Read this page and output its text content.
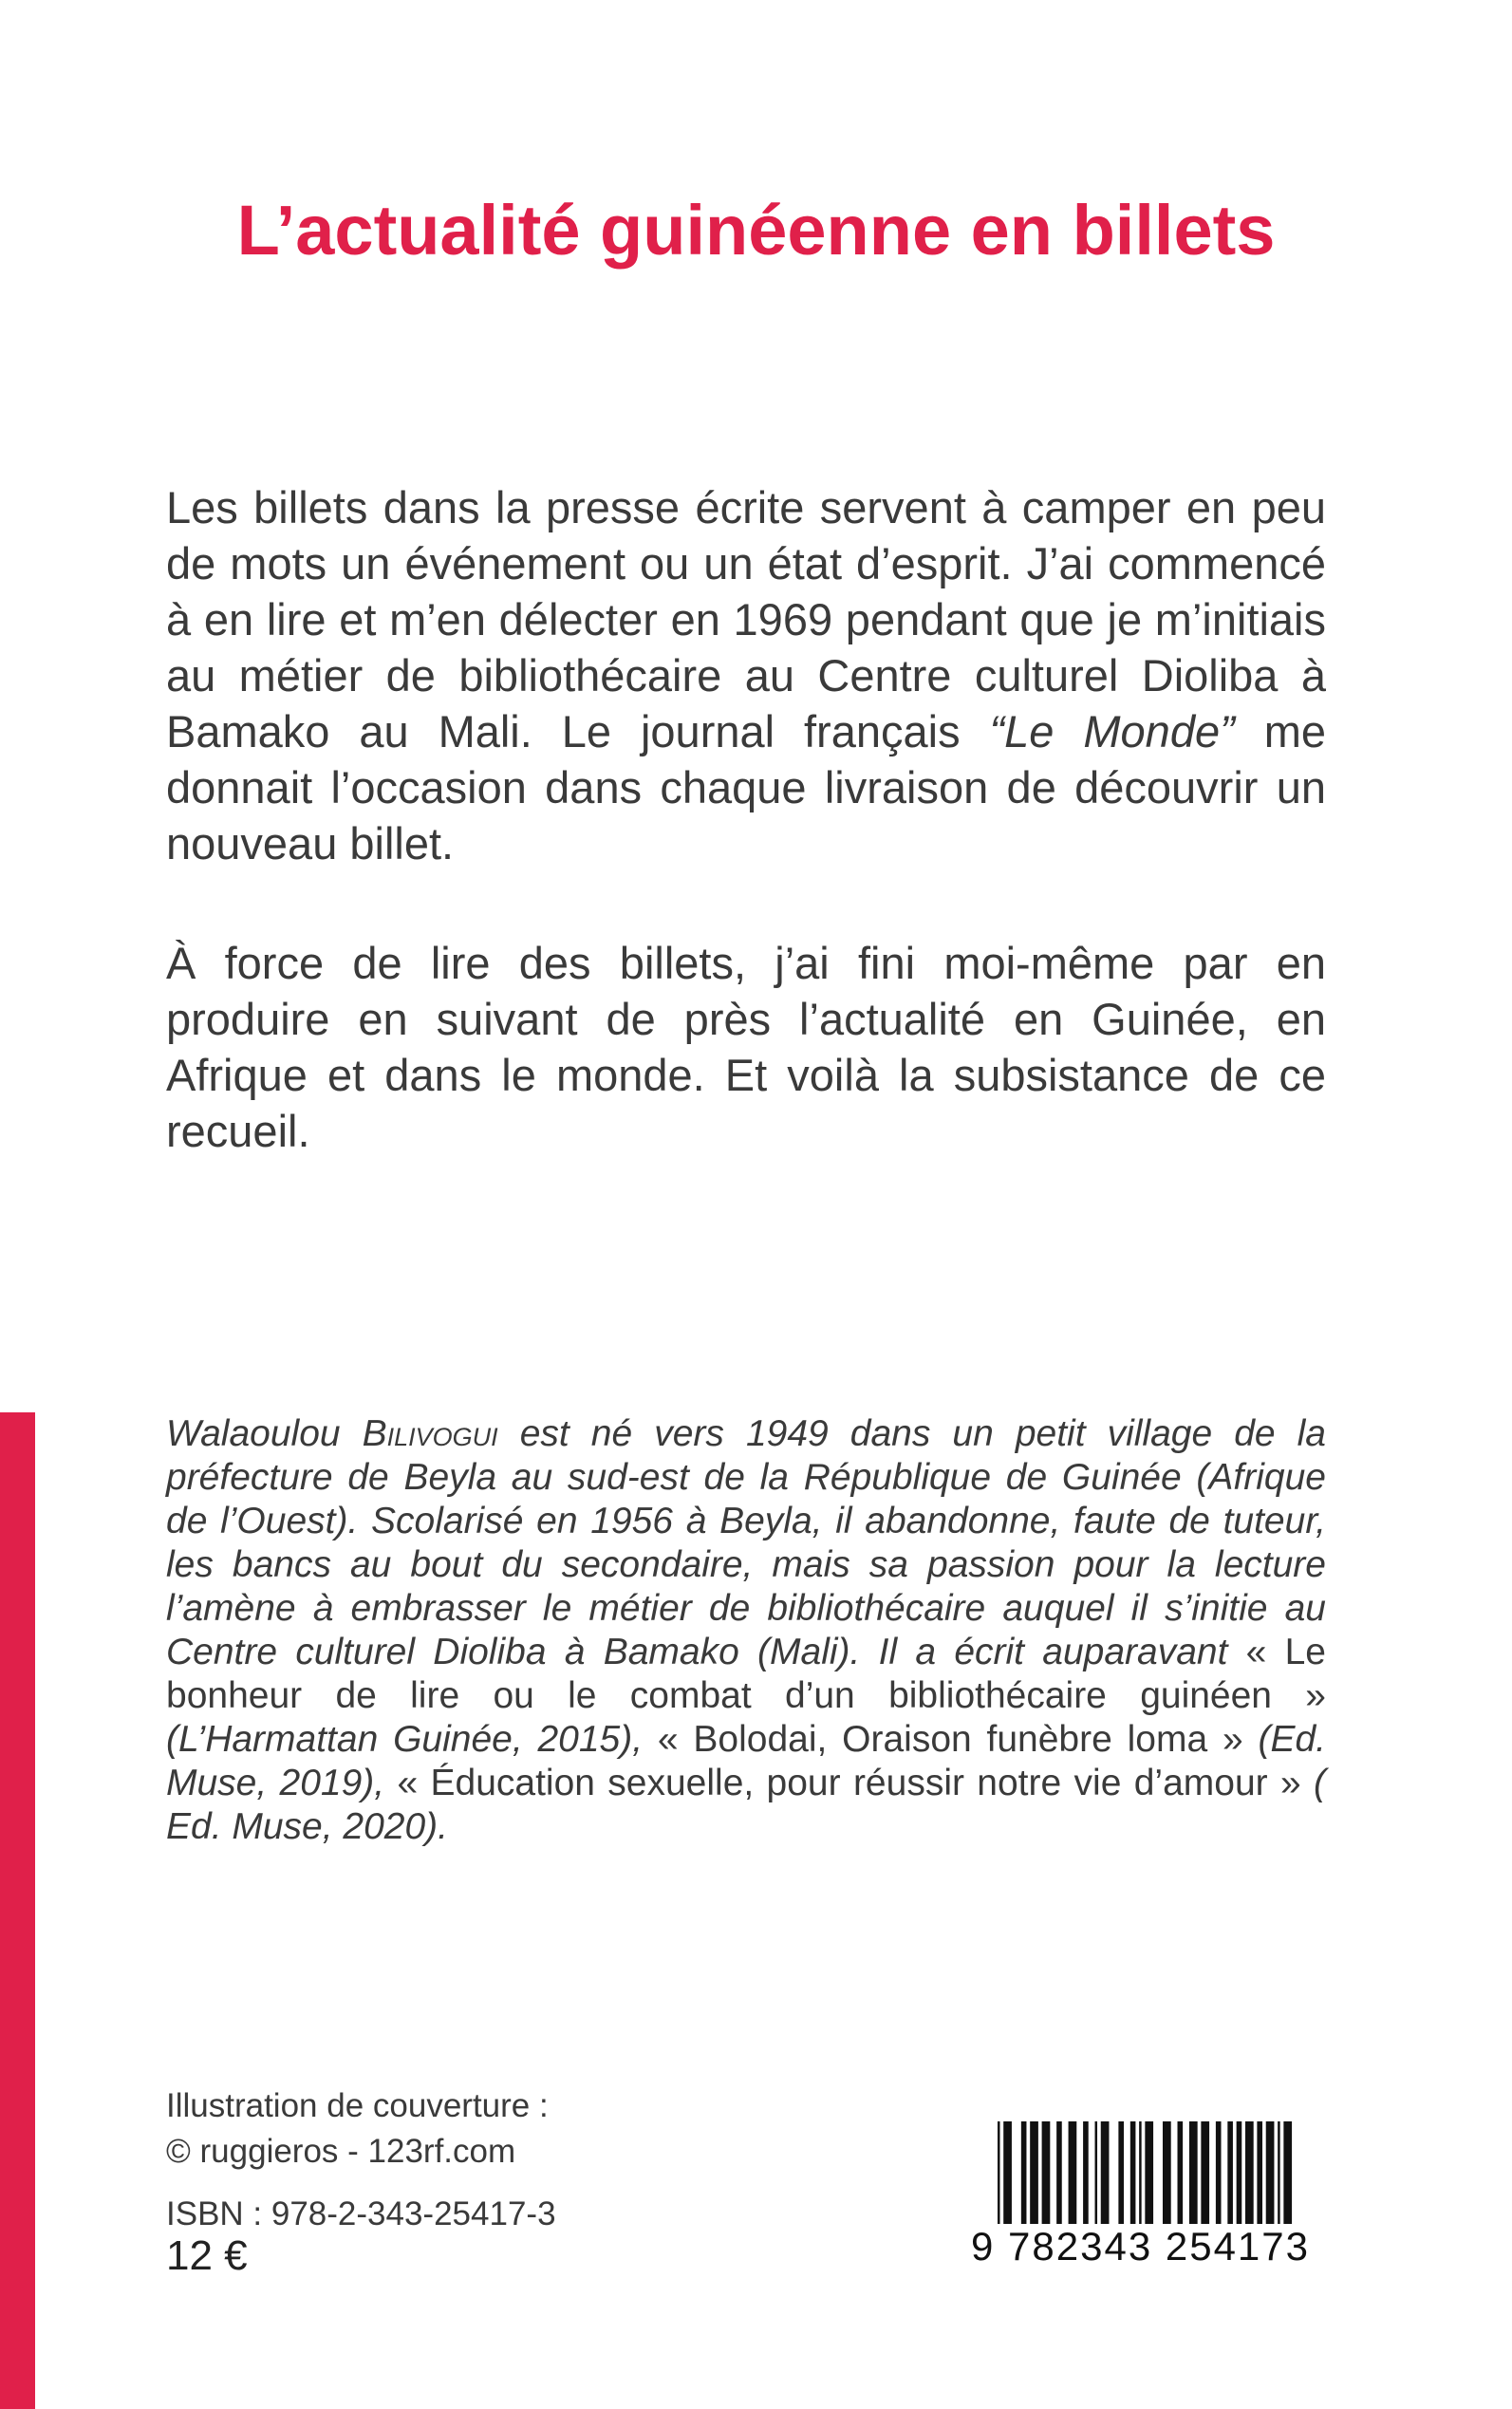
L’actualité guinéenne en billets

Les billets dans la presse écrite servent à camper en peu de mots un événement ou un état d’esprit. J’ai commencé à en lire et m’en délecter en 1969 pendant que je m’initiais au métier de bibliothécaire au Centre culturel Dioliba à Bamako au Mali. Le journal français “Le Monde” me donnait l’occasion dans chaque livraison de découvrir un nouveau billet.

À force de lire des billets, j’ai fini moi-même par en produire en suivant de près l’actualité en Guinée, en Afrique et dans le monde. Et voilà la subsistance de ce recueil.

Walaoulou Bilivogui est né vers 1949 dans un petit village de la préfecture de Beyla au sud-est de la République de Guinée (Afrique de l’Ouest). Scolarisé en 1956 à Beyla, il abandonne, faute de tuteur, les bancs au bout du secondaire, mais sa passion pour la lecture l’amène à embrasser le métier de bibliothécaire auquel il s’initie au Centre culturel Dioliba à Bamako (Mali). Il a écrit auparavant « Le bonheur de lire ou le combat d’un bibliothécaire guinéen » (L’Harmattan Guinée, 2015), « Bolodai, Oraison funèbre loma » (Ed. Muse, 2019), « Éducation sexuelle, pour réussir notre vie d’amour » ( Ed. Muse, 2020).

Illustration de couverture :
© ruggieros - 123rf.com
ISBN : 978-2-343-25417-3
12 €	9 782343 254173
